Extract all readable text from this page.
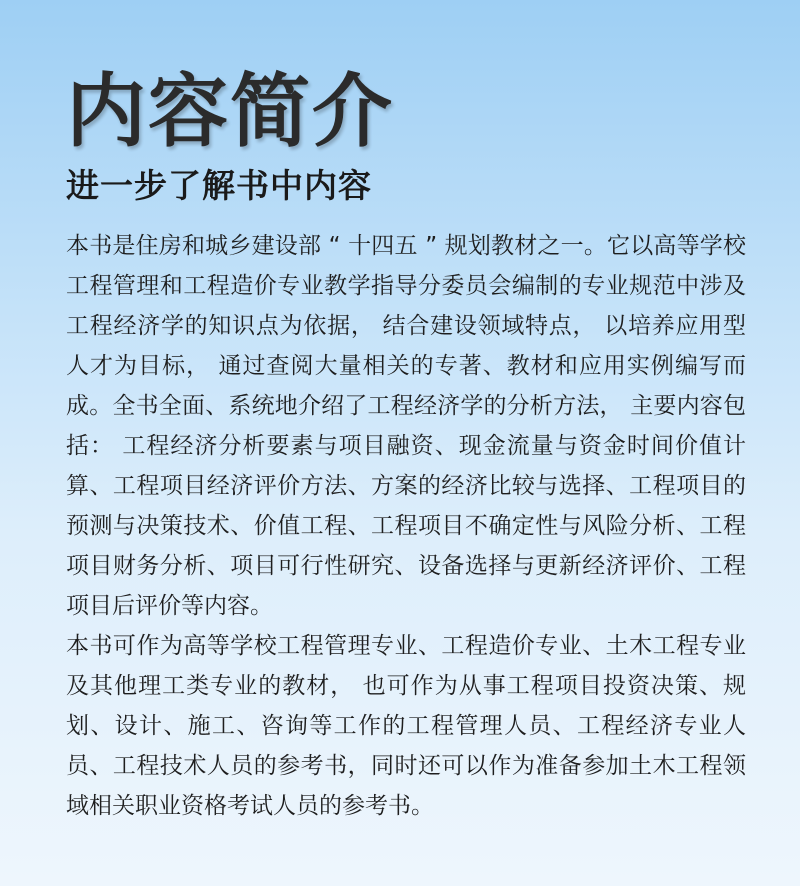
内容简介
进一步了解书中内容

本书是住房和城乡建设部 “ 十四五 ” 规划教材之一。它以高等学校工程管理和工程造价专业教学指导分委员会编制的专业规范中涉及工程经济学的知识点为依据， 结合建设领域特点， 以培养应用型人才为目标， 通过查阅大量相关的专著、教材和应用实例编写而成。全书全面、系统地介绍了工程经济学的分析方法， 主要内容包括： 工程经济分析要素与项目融资、现金流量与资金时间价值计算、工程项目经济评价方法、方案的经济比较与选择、工程项目的预测与决策技术、价值工程、工程项目不确定性与风险分析、工程项目财务分析、项目可行性研究、设备选择与更新经济评价、工程项目后评价等内容。

本书可作为高等学校工程管理专业、工程造价专业、土木工程专业及其他理工类专业的教材， 也可作为从事工程项目投资决策、规划、设计、施工、咨询等工作的工程管理人员、工程经济专业人员、工程技术人员的参考书，同时还可以作为准备参加土木工程领域相关职业资格考试人员的参考书。
